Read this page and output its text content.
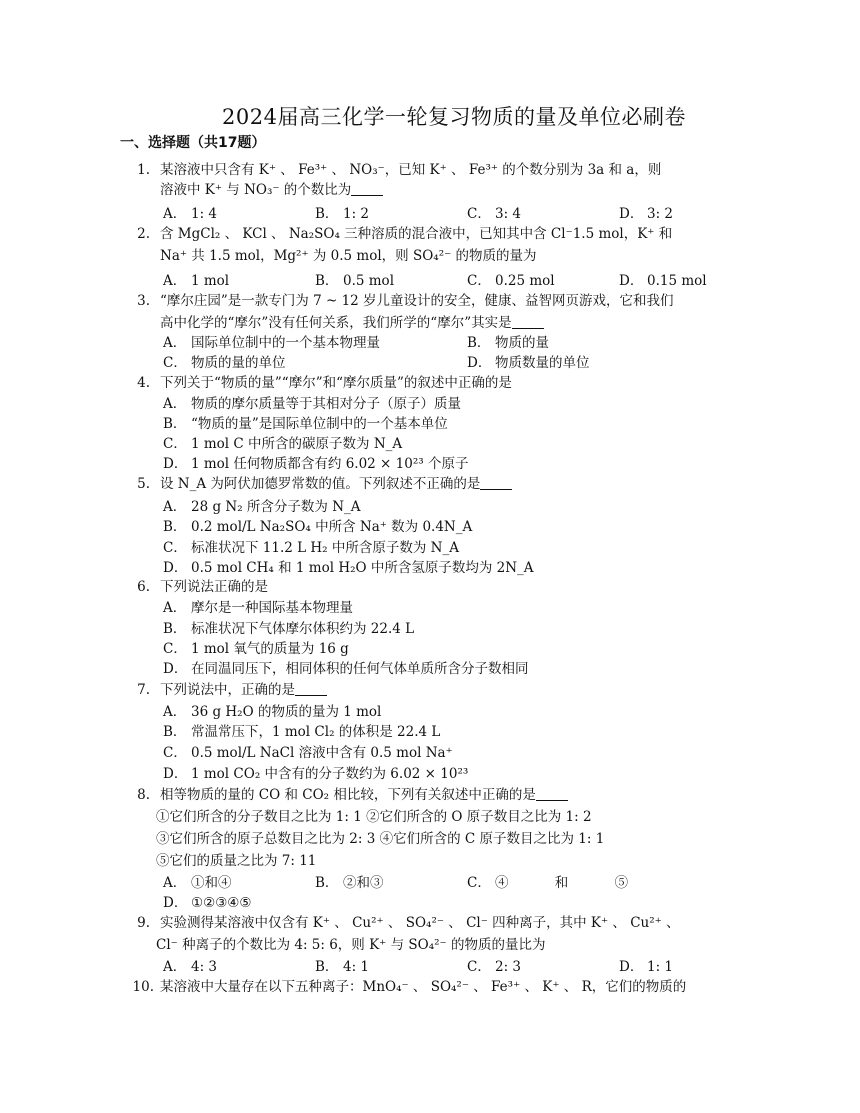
2024届高三化学一轮复习物质的量及单位必刷卷
一、选择题（共17题）
1. 某溶液中只含有 K⁺ 、 Fe³⁺ 、 NO₃⁻，已知 K⁺ 、 Fe³⁺ 的个数分别为 3a 和 a，则
溶液中 K⁺ 与 NO₃⁻ 的个数比为
A． 1: 4	B． 1: 2	C． 3: 4	D． 3: 2
2. 含 MgCl₂ 、 KCl 、 Na₂SO₄ 三种溶质的混合液中，已知其中含 Cl⁻1.5 mol，K⁺ 和
Na⁺ 共 1.5 mol，Mg²⁺ 为 0.5 mol，则 SO₄²⁻ 的物质的量为
A． 1 mol	B． 0.5 mol	C． 0.25 mol	D． 0.15 mol
3. “摩尔庄园”是一款专门为 7 ~ 12 岁儿童设计的安全，健康、益智网页游戏，它和我们
高中化学的“摩尔”没有任何关系，我们所学的“摩尔”其实是
A． 国际单位制中的一个基本物理量	B． 物质的量
C． 物质的量的单位	D． 物质数量的单位
4. 下列关于“物质的量”“摩尔”和“摩尔质量”的叙述中正确的是
A． 物质的摩尔质量等于其相对分子（原子）质量
B． “物质的量”是国际单位制中的一个基本单位
C． 1 mol C 中所含的碳原子数为 N_A
D． 1 mol 任何物质都含有约 6.02 × 10²³ 个原子
5. 设 N_A 为阿伏加德罗常数的值。下列叙述不正确的是
A． 28 g N₂ 所含分子数为 N_A
B． 0.2 mol/L Na₂SO₄ 中所含 Na⁺ 数为 0.4N_A
C． 标准状况下 11.2 L H₂ 中所含原子数为 N_A
D． 0.5 mol CH₄ 和 1 mol H₂O 中所含氢原子数均为 2N_A
6. 下列说法正确的是
A． 摩尔是一种国际基本物理量
B． 标准状况下气体摩尔体积约为 22.4 L
C． 1 mol 氧气的质量为 16 g
D． 在同温同压下，相同体积的任何气体单质所含分子数相同
7. 下列说法中，正确的是
A． 36 g H₂O 的物质的量为 1 mol
B． 常温常压下，1 mol Cl₂ 的体积是 22.4 L
C． 0.5 mol/L NaCl 溶液中含有 0.5 mol Na⁺
D． 1 mol CO₂ 中含有的分子数约为 6.02 × 10²³
8. 相等物质的量的 CO 和 CO₂ 相比较，下列有关叙述中正确的是
①它们所含的分子数目之比为 1: 1 ②它们所含的 O 原子数目之比为 1: 2
③它们所含的原子总数目之比为 2: 3 ④它们所含的 C 原子数目之比为 1: 1
⑤它们的质量之比为 7: 11
A． ①和④	B． ②和③	C． ④ 和 ⑤
D． ①②③④⑤
9. 实验测得某溶液中仅含有 K⁺ 、 Cu²⁺ 、 SO₄²⁻ 、 Cl⁻ 四种离子，其中 K⁺ 、 Cu²⁺ 、
Cl⁻ 种离子的个数比为 4: 5: 6，则 K⁺ 与 SO₄²⁻ 的物质的量比为
A． 4: 3	B． 4: 1	C． 2: 3	D． 1: 1
10. 某溶液中大量存在以下五种离子：MnO₄⁻ 、 SO₄²⁻ 、 Fe³⁺ 、 K⁺ 、 R，它们的物质的
